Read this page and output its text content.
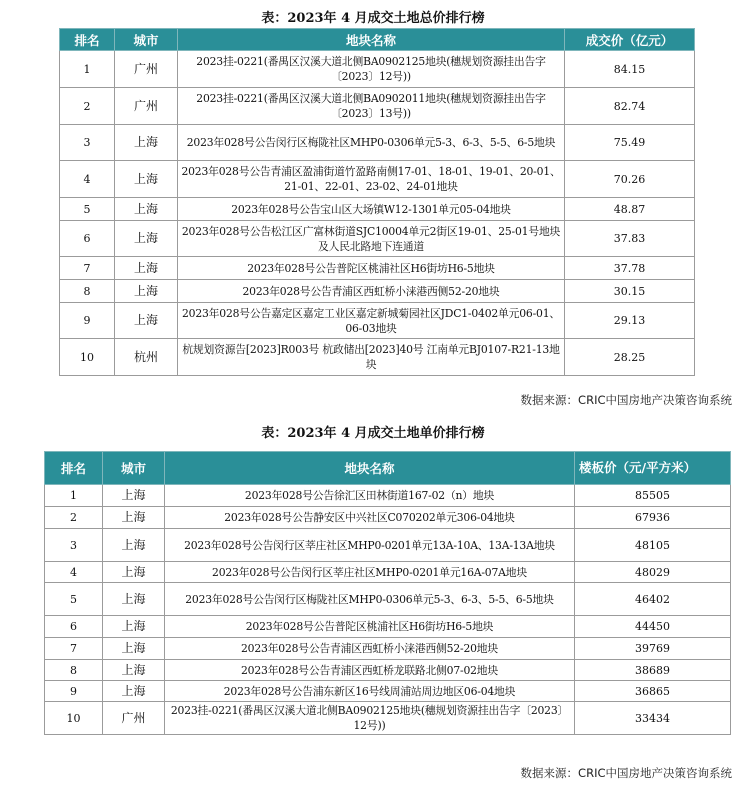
表：2023年 4 月成交土地总价排行榜
排名	城市	地块名称	成交价（亿元）
1	广州	2023挂-0221(番禺区汉溪大道北侧BA0902125地块(穗规划资源挂出告字〔2023〕12号))	84.15
2	广州	2023挂-0221(番禺区汉溪大道北侧BA0902011地块(穗规划资源挂出告字〔2023〕13号))	82.74
3	上海	2023年028号公告闵行区梅陇社区MHP0-0306单元5-3、6-3、5-5、6-5地块	75.49
4	上海	2023年028号公告青浦区盈浦街道竹盈路南侧17-01、18-01、19-01、20-01、21-01、22-01、23-02、24-01地块	70.26
5	上海	2023年028号公告宝山区大场镇W12-1301单元05-04地块	48.87
6	上海	2023年028号公告松江区广富林街道SJC10004单元2街区19-01、25-01号地块及人民北路地下连通道	37.83
7	上海	2023年028号公告普陀区桃浦社区H6街坊H6-5地块	37.78
8	上海	2023年028号公告青浦区西虹桥小涞港西侧52-20地块	30.15
9	上海	2023年028号公告嘉定区嘉定工业区嘉定新城菊园社区JDC1-0402单元06-01、06-03地块	29.13
10	杭州	杭规划资源告[2023]R003号 杭政储出[2023]40号 江南单元BJ0107-R21-13地块	28.25
数据来源：CRIC中国房地产决策咨询系统
表：2023年 4 月成交土地单价排行榜
排名	城市	地块名称	楼板价（元/平方米）
1	上海	2023年028号公告徐汇区田林街道167-02（n）地块	85505
2	上海	2023年028号公告静安区中兴社区C070202单元306-04地块	67936
3	上海	2023年028号公告闵行区莘庄社区MHP0-0201单元13A-10A、13A-13A地块	48105
4	上海	2023年028号公告闵行区莘庄社区MHP0-0201单元16A-07A地块	48029
5	上海	2023年028号公告闵行区梅陇社区MHP0-0306单元5-3、6-3、5-5、6-5地块	46402
6	上海	2023年028号公告普陀区桃浦社区H6街坊H6-5地块	44450
7	上海	2023年028号公告青浦区西虹桥小涞港西侧52-20地块	39769
8	上海	2023年028号公告青浦区西虹桥龙联路北侧07-02地块	38689
9	上海	2023年028号公告浦东新区16号线周浦站周边地区06-04地块	36865
10	广州	2023挂-0221(番禺区汉溪大道北侧BA0902125地块(穗规划资源挂出告字〔2023〕12号))	33434
数据来源：CRIC中国房地产决策咨询系统
